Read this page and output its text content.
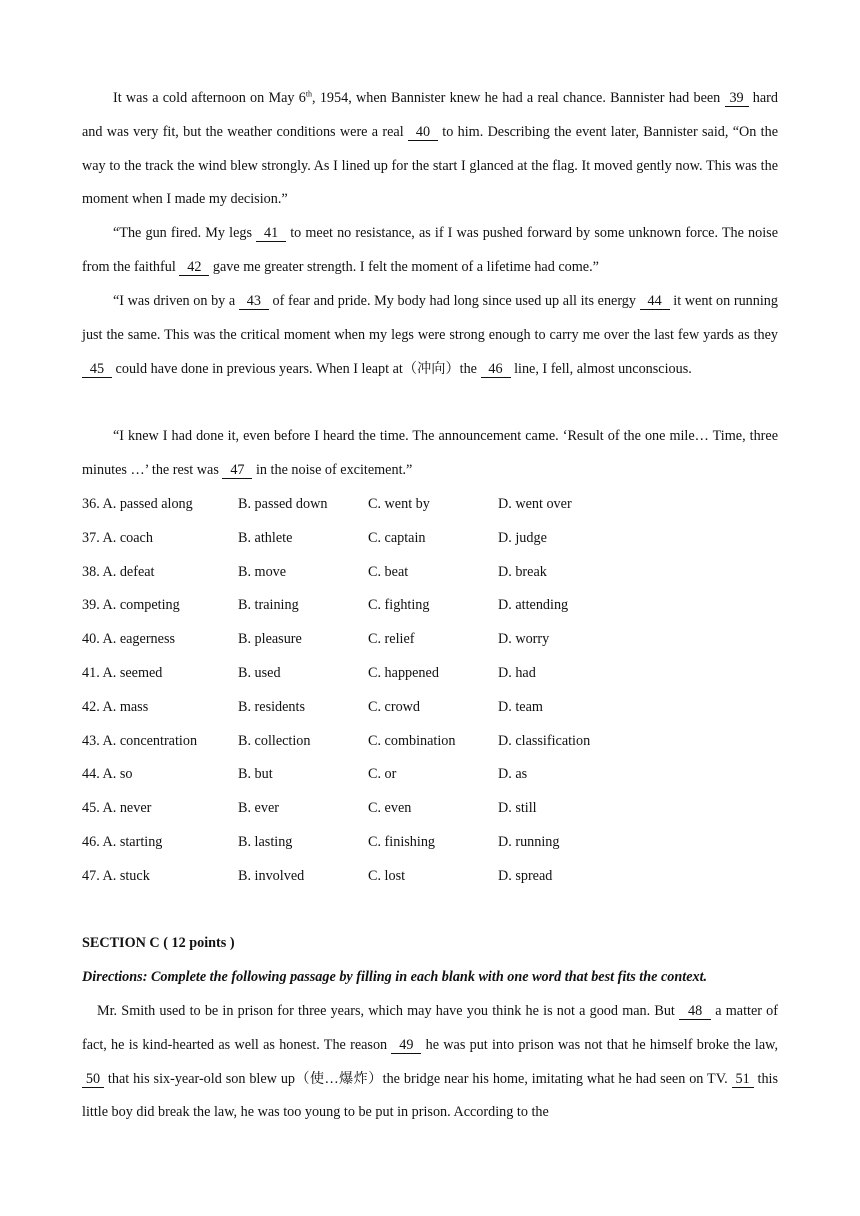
It was a cold afternoon on May 6th, 1954, when Bannister knew he had a real chance. Bannister had been 39 hard and was very fit, but the weather conditions were a real 40 to him. Describing the event later, Bannister said, “On the way to the track the wind blew strongly. As I lined up for the start I glanced at the flag. It moved gently now. This was the moment when I made my decision.”

“The gun fired. My legs 41 to meet no resistance, as if I was pushed forward by some unknown force. The noise from the faithful 42 gave me greater strength. I felt the moment of a lifetime had come.”

“I was driven on by a 43 of fear and pride. My body had long since used up all its energy 44 it went on running just the same. This was the critical moment when my legs were strong enough to carry me over the last few yards as they 45 could have done in previous years. When I leapt at（冲向）the 46 line, I fell, almost unconscious.

“I knew I had done it, even before I heard the time. The announcement came. ‘Result of the one mile… Time, three minutes …’ the rest was 47 in the noise of excitement.”

36. A. passed along	B. passed down	C. went by	D. went over
37. A. coach	B. athlete	C. captain	D. judge
38. A. defeat	B. move	C. beat	D. break
39. A. competing	B. training	C. fighting	D. attending
40. A. eagerness	B. pleasure	C. relief	D. worry
41. A. seemed	B. used	C. happened	D. had
42. A. mass	B. residents	C. crowd	D. team
43. A. concentration	B. collection	C. combination	D. classification
44. A. so	B. but	C. or	D. as
45. A. never	B. ever	C. even	D. still
46. A. starting	B. lasting	C. finishing	D. running
47. A. stuck	B. involved	C. lost	D. spread
SECTION C ( 12 points )
Directions: Complete the following passage by filling in each blank with one word that best fits the context.

Mr. Smith used to be in prison for three years, which may have you think he is not a good man. But 48 a matter of fact, he is kind-hearted as well as honest. The reason 49 he was put into prison was not that he himself broke the law, 50 that his six-year-old son blew up（使…爆炸）the bridge near his home, imitating what he had seen on TV. 51 this little boy did break the law, he was too young to be put in prison. According to the
